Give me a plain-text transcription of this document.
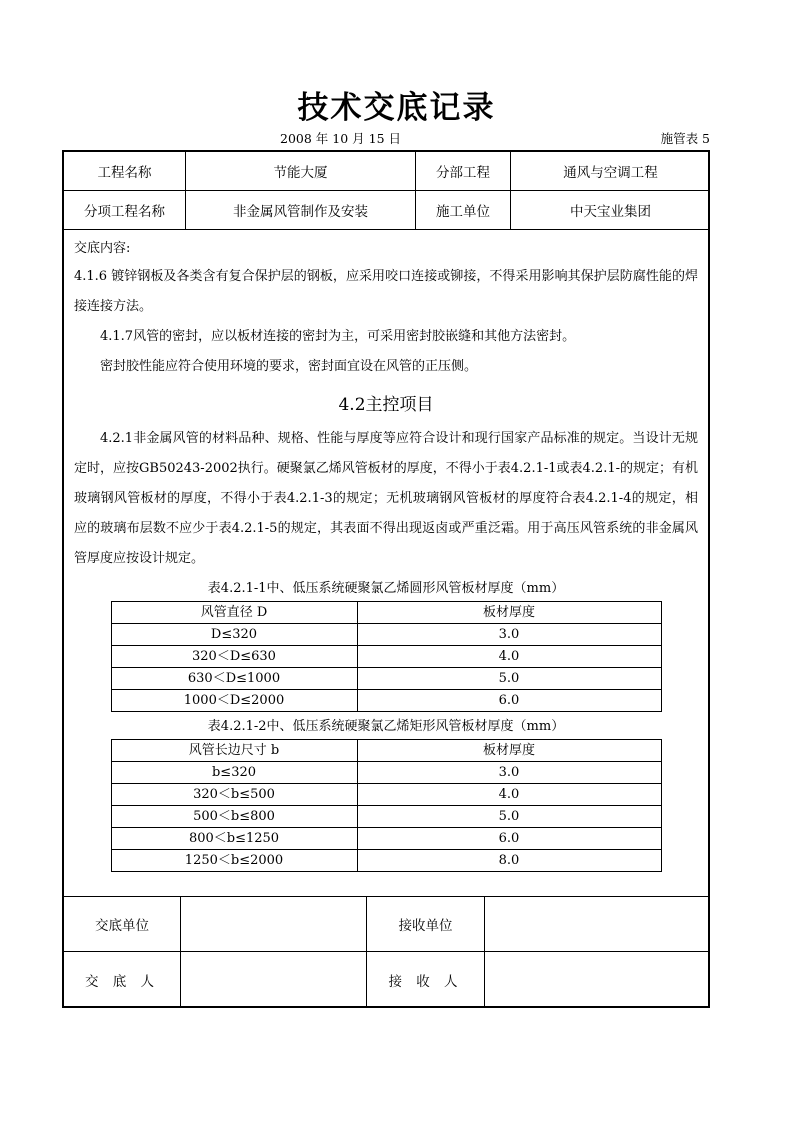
技术交底记录
2008 年 10 月 15 日	施管表 5
工程名称	节能大厦	分部工程	通风与空调工程
分项工程名称	非金属风管制作及安装	施工单位	中天宝业集团
交底内容:

4.1.6 镀锌钢板及各类含有复合保护层的钢板，应采用咬口连接或铆接，不得采用影响其保护层防腐性能的焊接连接方法。

4.1.7风管的密封，应以板材连接的密封为主，可采用密封胶嵌缝和其他方法密封。

密封胶性能应符合使用环境的要求，密封面宜设在风管的正压侧。

4.2主控项目

4.2.1非金属风管的材料品种、规格、性能与厚度等应符合设计和现行国家产品标准的规定。当设计无规定时，应按GB50243-2002执行。硬聚氯乙烯风管板材的厚度，不得小于表4.2.1-1或表4.2.1-的规定；有机玻璃钢风管板材的厚度，不得小于表4.2.1-3的规定；无机玻璃钢风管板材的厚度符合表4.2.1-4的规定，相应的玻璃布层数不应少于表4.2.1-5的规定，其表面不得出现返卤或严重泛霜。用于高压风管系统的非金属风管厚度应按设计规定。

表4.2.1-1中、低压系统硬聚氯乙烯圆形风管板材厚度（mm）
风管直径 D	板材厚度
D≤320	3.0
320＜D≤630	4.0
630＜D≤1000	5.0
1000＜D≤2000	6.0
表4.2.1-2中、低压系统硬聚氯乙烯矩形风管板材厚度（mm）
风管长边尺寸 b	板材厚度
b≤320	3.0
320＜b≤500	4.0
500＜b≤800	5.0
800＜b≤1250	6.0
1250＜b≤2000	8.0
交底单位	接收单位
交 底 人	接 收 人
